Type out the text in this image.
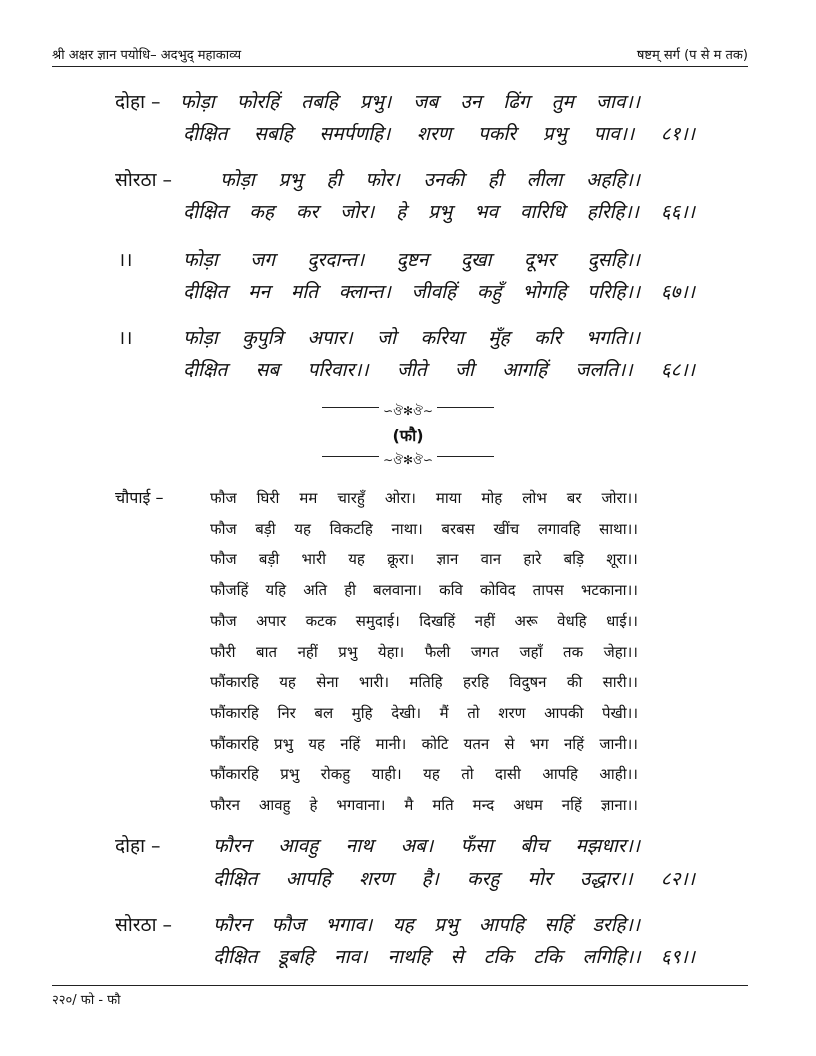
श्री अक्षर ज्ञान पयोधि– अदभुद् महाकाव्य	षष्टम् सर्ग (प से म तक)
दोहा – फोड़ा फोरहिं तबहि प्रभु। जब उन ढिंग तुम जाव।।
दीक्षित सबहि समर्पणहि। शरण पकरि प्रभु पाव।। ८१।।
सोरठा –	फोड़ा प्रभु ही फोर। उनकी ही लीला अहहि।।
दीक्षित कह कर जोर। हे प्रभु भव वारिधि हरिहि।। ६६।।
।।	फोड़ा जग दुरदान्त। दुष्टन दुखा दूभर दुसहि।।
दीक्षित मन मति क्लान्त। जीवहिं कहुँ भोगहि परिहि।। ६७।।
।।	फोड़ा कुपुत्रि अपार। जो करिया मुँह करि भगति।।
दीक्षित सब परिवार।। जीते जी आगहिं जलति।। ६८।।
∽ঔ✻ঔ∼
(फौ)
∼ঔ✻ঔ∽
चौपाई –	फौज घिरी मम चारहुँ ओरा। माया मोह लोभ बर जोरा।।
फौज बड़ी यह विकटहि नाथा। बरबस खींच लगावहि साथा।।
फौज बड़ी भारी यह क्रूरा। ज्ञान वान हारे बड़ि शूरा।।
फौजहिं यहि अति ही बलवाना। कवि कोविद तापस भटकाना।।
फौज अपार कटक समुदाई। दिखहिं नहीं अरू वेधहि धाई।।
फौरी बात नहीं प्रभु येहा। फैली जगत जहाँ तक जेहा।।
फौंकारहि यह सेना भारी। मतिहि हरहि विदुषन की सारी।।
फौंकारहि निर बल मुहि देखी। मैं तो शरण आपकी पेखी।।
फौंकारहि प्रभु यह नहिं मानी। कोटि यतन से भग नहिं जानी।।
फौंकारहि प्रभु रोकहु याही। यह तो दासी आपहि आही।।
फौरन आवहु हे भगवाना। मै मति मन्द अधम नहिं ज्ञाना।।
दोहा –	फौरन आवहु नाथ अब। फँसा बीच मझधार।।
दीक्षित आपहि शरण है। करहु मोर उद्धार।। ८२।।
सोरठा – फौरन फौज भगाव। यह प्रभु आपहि सहिं डरहि।।
दीक्षित डूबहि नाव। नाथहि से टकि टकि लगिहि।। ६९।।
२२०/ फो - फौ
